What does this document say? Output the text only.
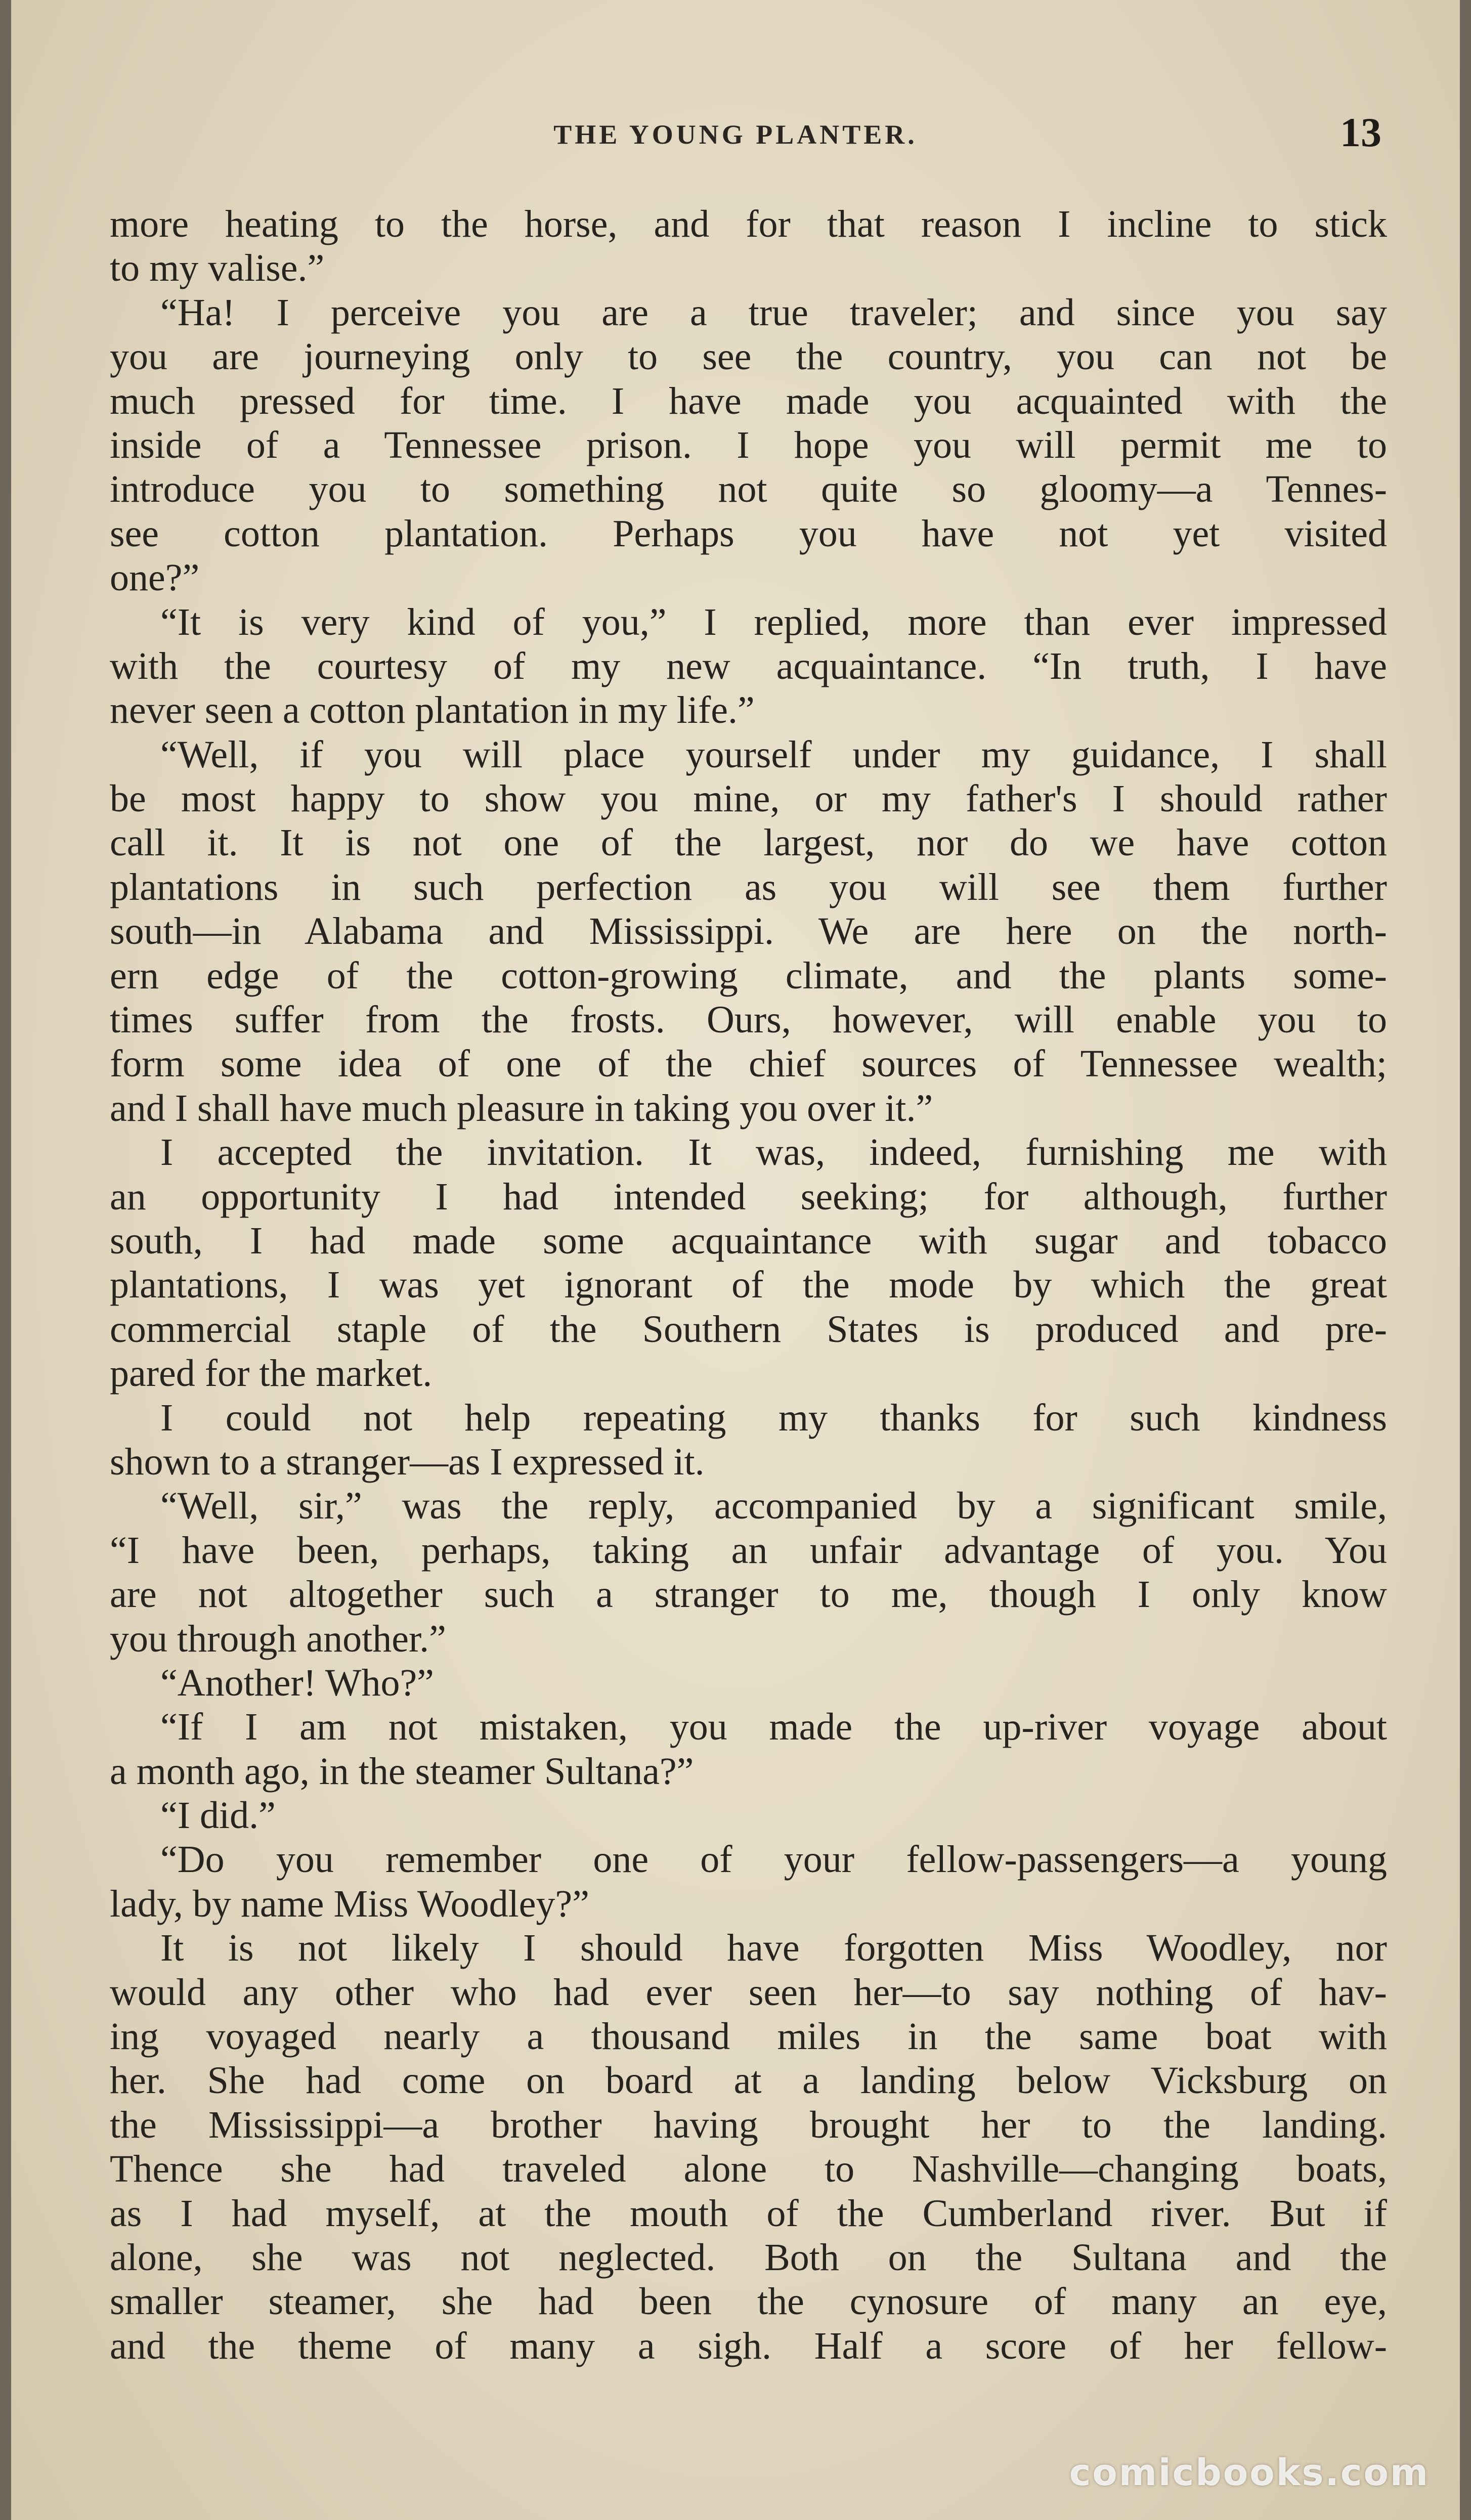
THE YOUNG PLANTER.	13
more heating to the horse, and for that reason I incline to stick
to my valise.”
“Ha! I perceive you are a true traveler; and since you say
you are journeying only to see the country, you can not be
much pressed for time. I have made you acquainted with the
inside of a Tennessee prison. I hope you will permit me to
introduce you to something not quite so gloomy—a Tennes-
see cotton plantation. Perhaps you have not yet visited
one?”
“It is very kind of you,” I replied, more than ever impressed
with the courtesy of my new acquaintance. “In truth, I have
never seen a cotton plantation in my life.”
“Well, if you will place yourself under my guidance, I shall
be most happy to show you mine, or my father's I should rather
call it. It is not one of the largest, nor do we have cotton
plantations in such perfection as you will see them further
south—in Alabama and Mississippi. We are here on the north-
ern edge of the cotton-growing climate, and the plants some-
times suffer from the frosts. Ours, however, will enable you to
form some idea of one of the chief sources of Tennessee wealth;
and I shall have much pleasure in taking you over it.”
I accepted the invitation. It was, indeed, furnishing me with
an opportunity I had intended seeking; for although, further
south, I had made some acquaintance with sugar and tobacco
plantations, I was yet ignorant of the mode by which the great
commercial staple of the Southern States is produced and pre-
pared for the market.
I could not help repeating my thanks for such kindness
shown to a stranger—as I expressed it.
“Well, sir,” was the reply, accompanied by a significant smile,
“I have been, perhaps, taking an unfair advantage of you. You
are not altogether such a stranger to me, though I only know
you through another.”
“Another! Who?”
“If I am not mistaken, you made the up-river voyage about
a month ago, in the steamer Sultana?”
“I did.”
“Do you remember one of your fellow-passengers—a young
lady, by name Miss Woodley?”
It is not likely I should have forgotten Miss Woodley, nor
would any other who had ever seen her—to say nothing of hav-
ing voyaged nearly a thousand miles in the same boat with
her. She had come on board at a landing below Vicksburg on
the Mississippi—a brother having brought her to the landing.
Thence she had traveled alone to Nashville—changing boats,
as I had myself, at the mouth of the Cumberland river. But if
alone, she was not neglected. Both on the Sultana and the
smaller steamer, she had been the cynosure of many an eye,
and the theme of many a sigh. Half a score of her fellow-
comicbooks.com
